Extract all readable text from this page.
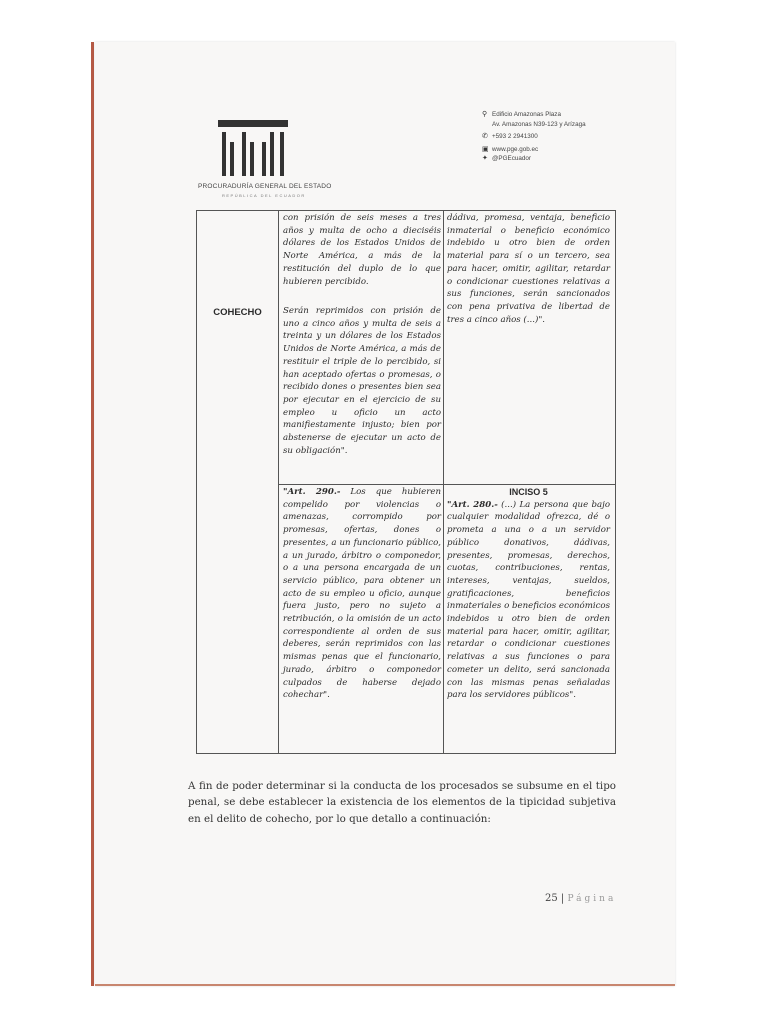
PROCURADURÍA GENERAL DEL ESTADO
REPÚBLICA DEL ECUADOR
⚲ Edificio Amazonas Plaza
Av. Amazonas N39-123 y Arízaga
✆ +593 2 2941300
▣ www.pge.gob.ec
✦ @PGEcuador
COHECHO
con prisión de seis meses a tres años y multa de ocho a dieciséis dólares de los Estados Unidos de Norte América, a más de la restitución del duplo de lo que hubieren percibido.
Serán reprimidos con prisión de uno a cinco años y multa de seis a treinta y un dólares de los Estados Unidos de Norte América, a más de restituir el triple de lo percibido, si han aceptado ofertas o promesas, o recibido dones o presentes bien sea por ejecutar en el ejercicio de su empleo u oficio un acto manifiestamente injusto; bien por abstenerse de ejecutar un acto de su obligación".
dádiva, promesa, ventaja, beneficio inmaterial o beneficio económico indebido u otro bien de orden material para sí o un tercero, sea para hacer, omitir, agilitar, retardar o condicionar cuestiones relativas a sus funciones, serán sancionados con pena privativa de libertad de tres a cinco años (...)".
"Art. 290.- Los que hubieren compelido por violencias o amenazas, corrompido por promesas, ofertas, dones o presentes, a un funcionario público, a un jurado, árbitro o componedor, o a una persona encargada de un servicio público, para obtener un acto de su empleo u oficio, aunque fuera justo, pero no sujeto a retribución, o la omisión de un acto correspondiente al orden de sus deberes, serán reprimidos con las mismas penas que el funcionario, jurado, árbitro o componedor culpados de haberse dejado cohechar".
INCISO 5
"Art. 280.- (...) La persona que bajo cualquier modalidad ofrezca, dé o prometa a una o a un servidor público donativos, dádivas, presentes, promesas, derechos, cuotas, contribuciones, rentas, intereses, ventajas, sueldos, gratificaciones, beneficios inmateriales o beneficios económicos indebidos u otro bien de orden material para hacer, omitir, agilitar, retardar o condicionar cuestiones relativas a sus funciones o para cometer un delito, será sancionada con las mismas penas señaladas para los servidores públicos".
A fin de poder determinar si la conducta de los procesados se subsume en el tipo penal, se debe establecer la existencia de los elementos de la tipicidad subjetiva en el delito de cohecho, por lo que detallo a continuación:
25 | Página
